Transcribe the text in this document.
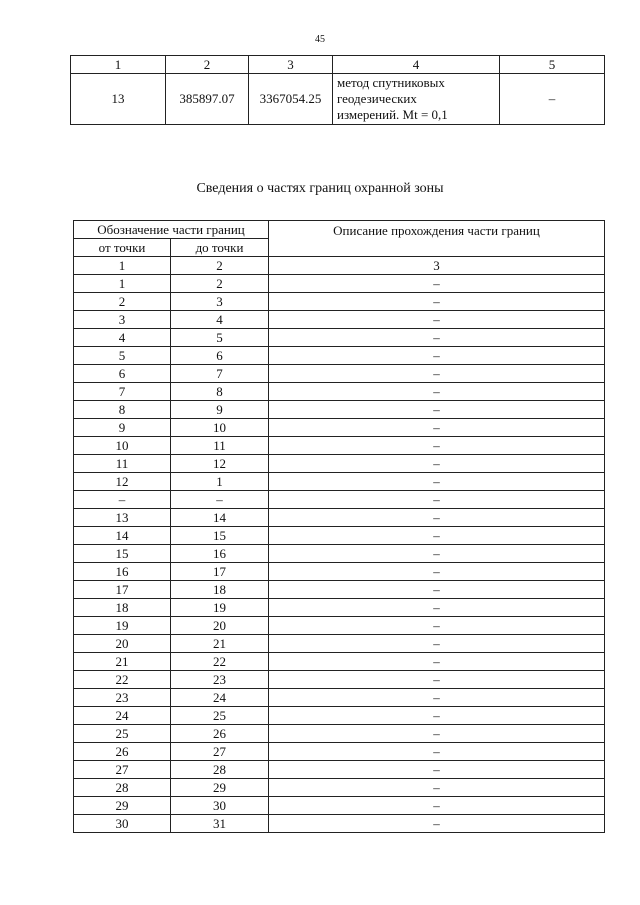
45
1	2	3	4	5
13	385897.07	3367054.25	метод спутниковых
геодезических
измерений. Mt = 0,1	–
Сведения о частях границ охранной зоны
Обозначение части границ		Описание прохождения части границ
от точки	до точки	
1	2	3
1	2	–
2	3	–
3	4	–
4	5	–
5	6	–
6	7	–
7	8	–
8	9	–
9	10	–
10	11	–
11	12	–
12	1	–
–	–	–
13	14	–
14	15	–
15	16	–
16	17	–
17	18	–
18	19	–
19	20	–
20	21	–
21	22	–
22	23	–
23	24	–
24	25	–
25	26	–
26	27	–
27	28	–
28	29	–
29	30	–
30	31	–
